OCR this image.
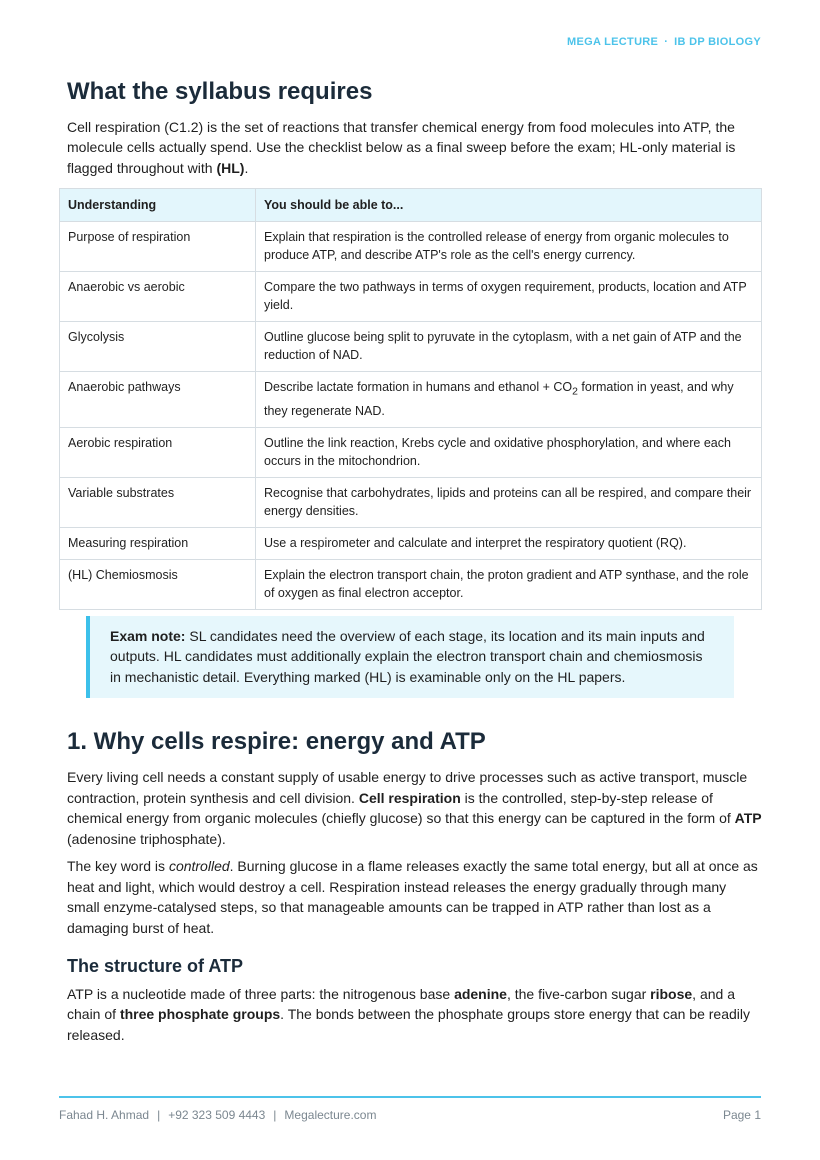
MEGA LECTURE · IB DP BIOLOGY
What the syllabus requires

Cell respiration (C1.2) is the set of reactions that transfer chemical energy from food molecules into ATP, the molecule cells actually spend. Use the checklist below as a final sweep before the exam; HL-only material is flagged throughout with (HL).

Understanding	You should be able to...
Purpose of respiration	Explain that respiration is the controlled release of energy from organic molecules to produce ATP, and describe ATP's role as the cell's energy currency.
Anaerobic vs aerobic	Compare the two pathways in terms of oxygen requirement, products, location and ATP yield.
Glycolysis	Outline glucose being split to pyruvate in the cytoplasm, with a net gain of ATP and the reduction of NAD.
Anaerobic pathways	Describe lactate formation in humans and ethanol + $CO_2$ formation in yeast, and why they regenerate NAD.
Aerobic respiration	Outline the link reaction, Krebs cycle and oxidative phosphorylation, and where each occurs in the mitochondrion.
Variable substrates	Recognise that carbohydrates, lipids and proteins can all be respired, and compare their energy densities.
Measuring respiration	Use a respirometer and calculate and interpret the respiratory quotient (RQ).
(HL) Chemiosmosis	Explain the electron transport chain, the proton gradient and ATP synthase, and the role of oxygen as final electron acceptor.
Exam note: SL candidates need the overview of each stage, its location and its main inputs and outputs. HL candidates must additionally explain the electron transport chain and chemiosmosis in mechanistic detail. Everything marked (HL) is examinable only on the HL papers.
1. Why cells respire: energy and ATP

Every living cell needs a constant supply of usable energy to drive processes such as active transport, muscle contraction, protein synthesis and cell division. Cell respiration is the controlled, step-by-step release of chemical energy from organic molecules (chiefly glucose) so that this energy can be captured in the form of ATP (adenosine triphosphate).

The key word is controlled. Burning glucose in a flame releases exactly the same total energy, but all at once as heat and light, which would destroy a cell. Respiration instead releases the energy gradually through many small enzyme-catalysed steps, so that manageable amounts can be trapped in ATP rather than lost as a damaging burst of heat.

The structure of ATP

ATP is a nucleotide made of three parts: the nitrogenous base adenine, the five-carbon sugar ribose, and a chain of three phosphate groups. The bonds between the phosphate groups store energy that can be readily released.

Fahad H. Ahmad | +92 323 509 4443 | Megalecture.com	Page 1
